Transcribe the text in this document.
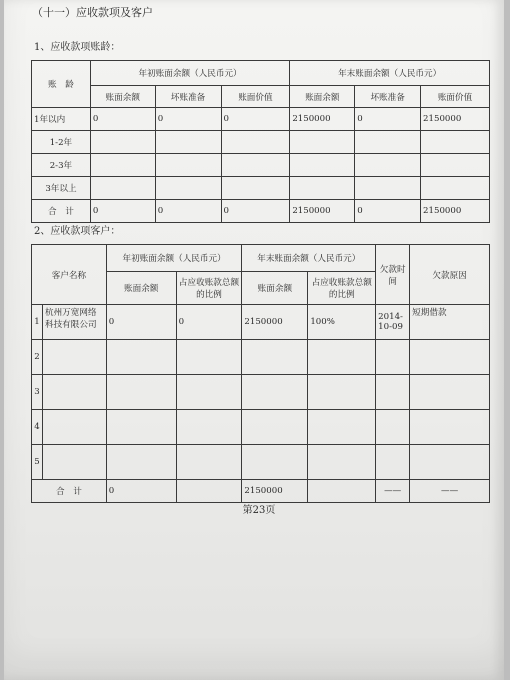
（十一）应收款项及客户
1、应收款项账龄：
账　龄	年初账面余额（人民币元）			年末账面余额（人民币元）		
	账面余额	坏账准备	账面价值	账面余额	坏账准备	账面价值
1年以内	0	0	0	2150000	0	2150000
1-2年						
2-3年						
3年以上						
合　计	0	0	0	2150000	0	2150000
2、应收款项客户：
客户名称		年初账面余额（人民币元）		年末账面余额（人民币元）		欠款时间	欠款原因
		账面余额	占应收账款总额的比例	账面余额	占应收账款总额的比例		
1	杭州万宽网络科技有限公司	0	0	2150000	100%	2014-10-09	短期借款
2							
3							
4							
5							
合　计		0		2150000		——	——
第23页
